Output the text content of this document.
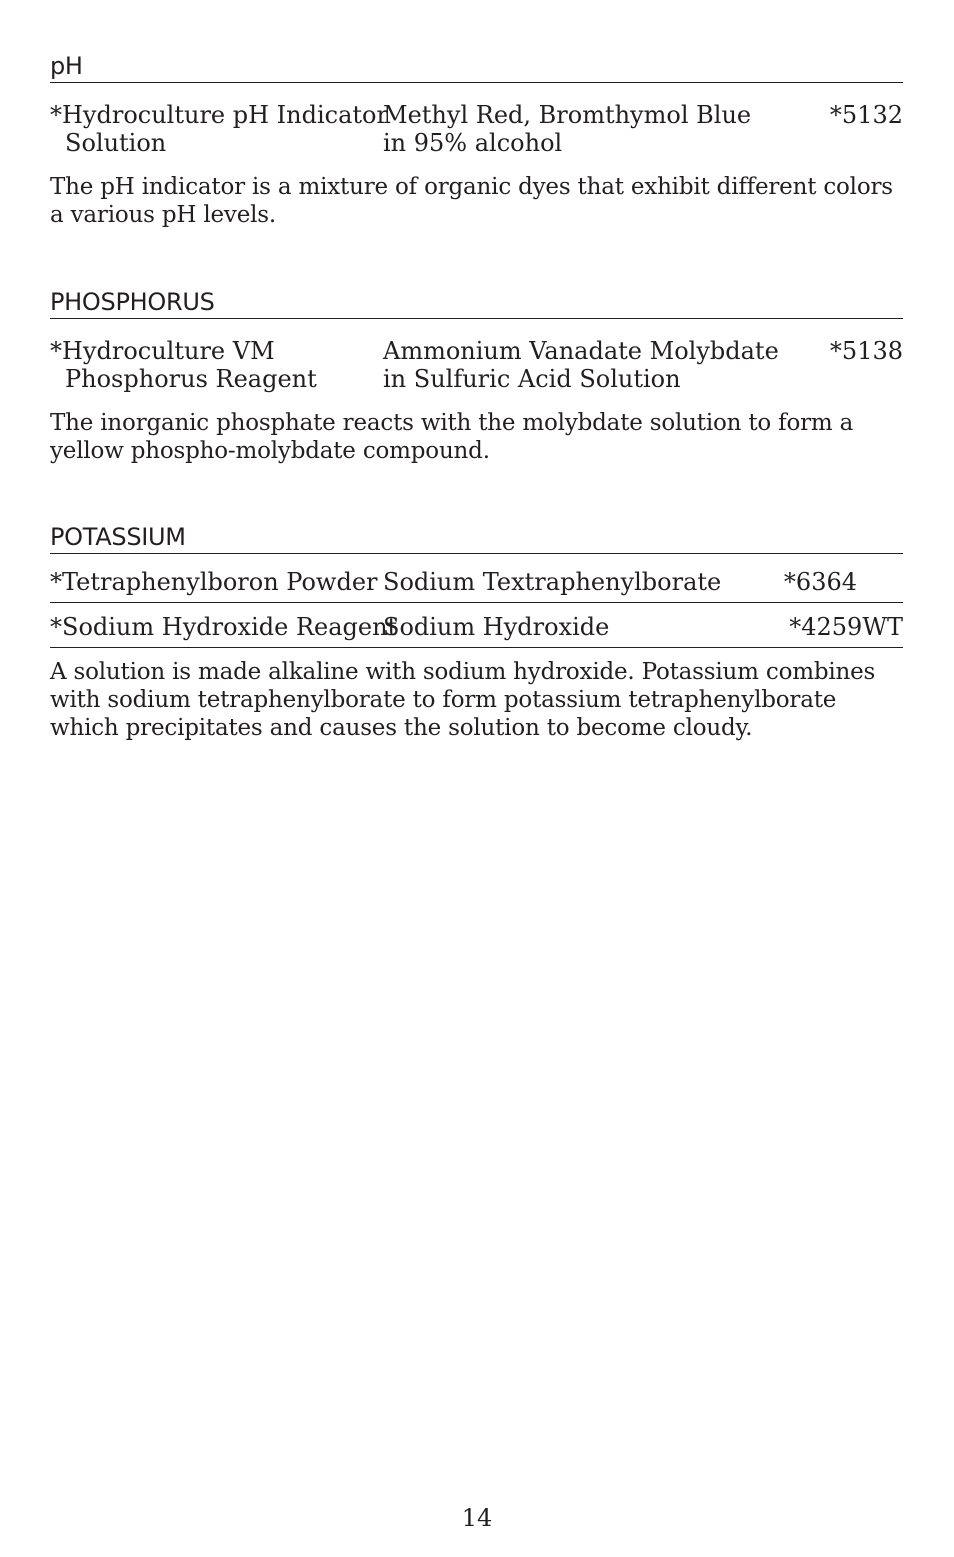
pH
*Hydroculture pH Indicator
Solution
Methyl Red, Bromthymol Blue
in 95% alcohol
*5132
The pH indicator is a mixture of organic dyes that exhibit different colors a various pH levels.
PHOSPHORUS
*Hydroculture VM
Phosphorus Reagent
Ammonium Vanadate Molybdate
in Sulfuric Acid Solution
*5138
The inorganic phosphate reacts with the molybdate solution to form a yellow phospho-molybdate compound.
POTASSIUM
*Tetraphenylboron Powder Sodium Textraphenylborate	*6364
*Sodium Hydroxide Reagent
Sodium Hydroxide	*4259WT
A solution is made alkaline with sodium hydroxide. Potassium combines with sodium tetraphenylborate to form potassium tetraphenylborate which precipitates and causes the solution to become cloudy.
14
